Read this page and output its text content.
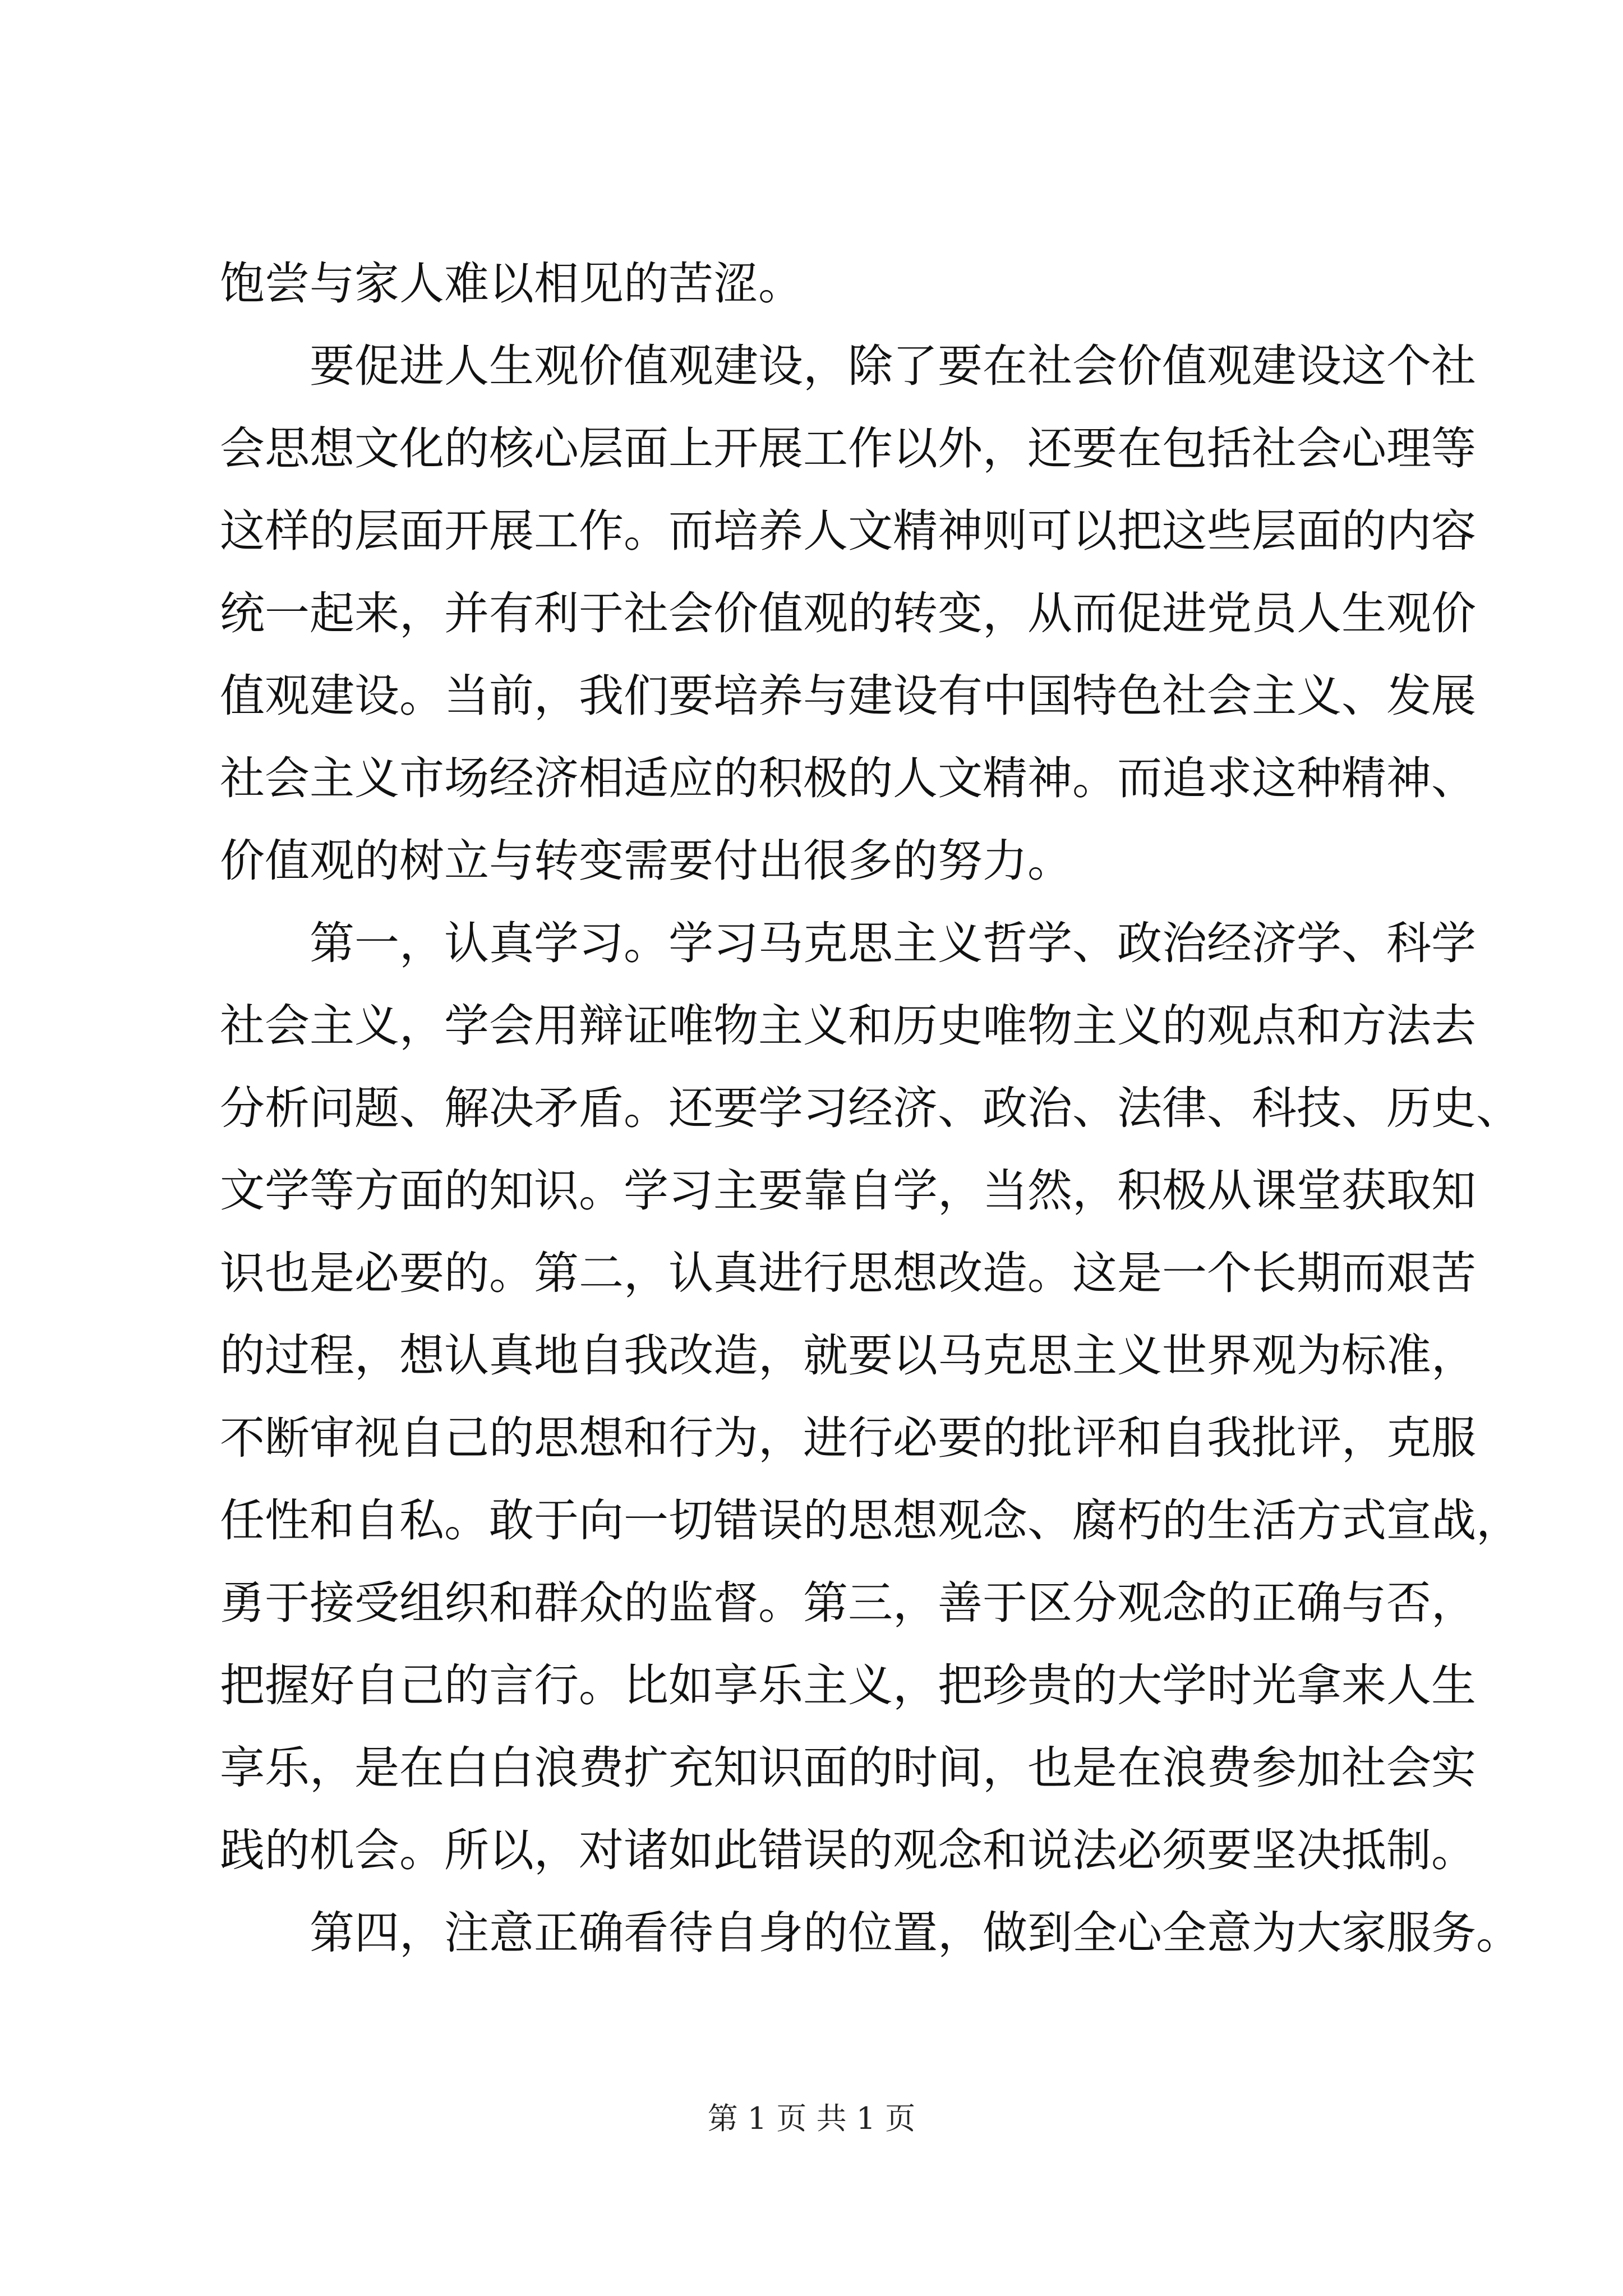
饱尝与家人难以相见的苦涩。
要促进人生观价值观建设，除了要在社会价值观建设这个社
会思想文化的核心层面上开展工作以外，还要在包括社会心理等
这样的层面开展工作。而培养人文精神则可以把这些层面的内容
统一起来，并有利于社会价值观的转变，从而促进党员人生观价
值观建设。当前，我们要培养与建设有中国特色社会主义、发展
社会主义市场经济相适应的积极的人文精神。而追求这种精神、
价值观的树立与转变需要付出很多的努力。
第一，认真学习。学习马克思主义哲学、政治经济学、科学
社会主义，学会用辩证唯物主义和历史唯物主义的观点和方法去
分析问题、解决矛盾。还要学习经济、政治、法律、科技、历史、
文学等方面的知识。学习主要靠自学，当然，积极从课堂获取知
识也是必要的。第二，认真进行思想改造。这是一个长期而艰苦
的过程，想认真地自我改造，就要以马克思主义世界观为标准，
不断审视自己的思想和行为，进行必要的批评和自我批评，克服
任性和自私。敢于向一切错误的思想观念、腐朽的生活方式宣战，
勇于接受组织和群众的监督。第三，善于区分观念的正确与否，
把握好自己的言行。比如享乐主义，把珍贵的大学时光拿来人生
享乐，是在白白浪费扩充知识面的时间，也是在浪费参加社会实
践的机会。所以，对诸如此错误的观念和说法必须要坚决抵制。
第四，注意正确看待自身的位置，做到全心全意为大家服务。
第 1 页 共 1 页
